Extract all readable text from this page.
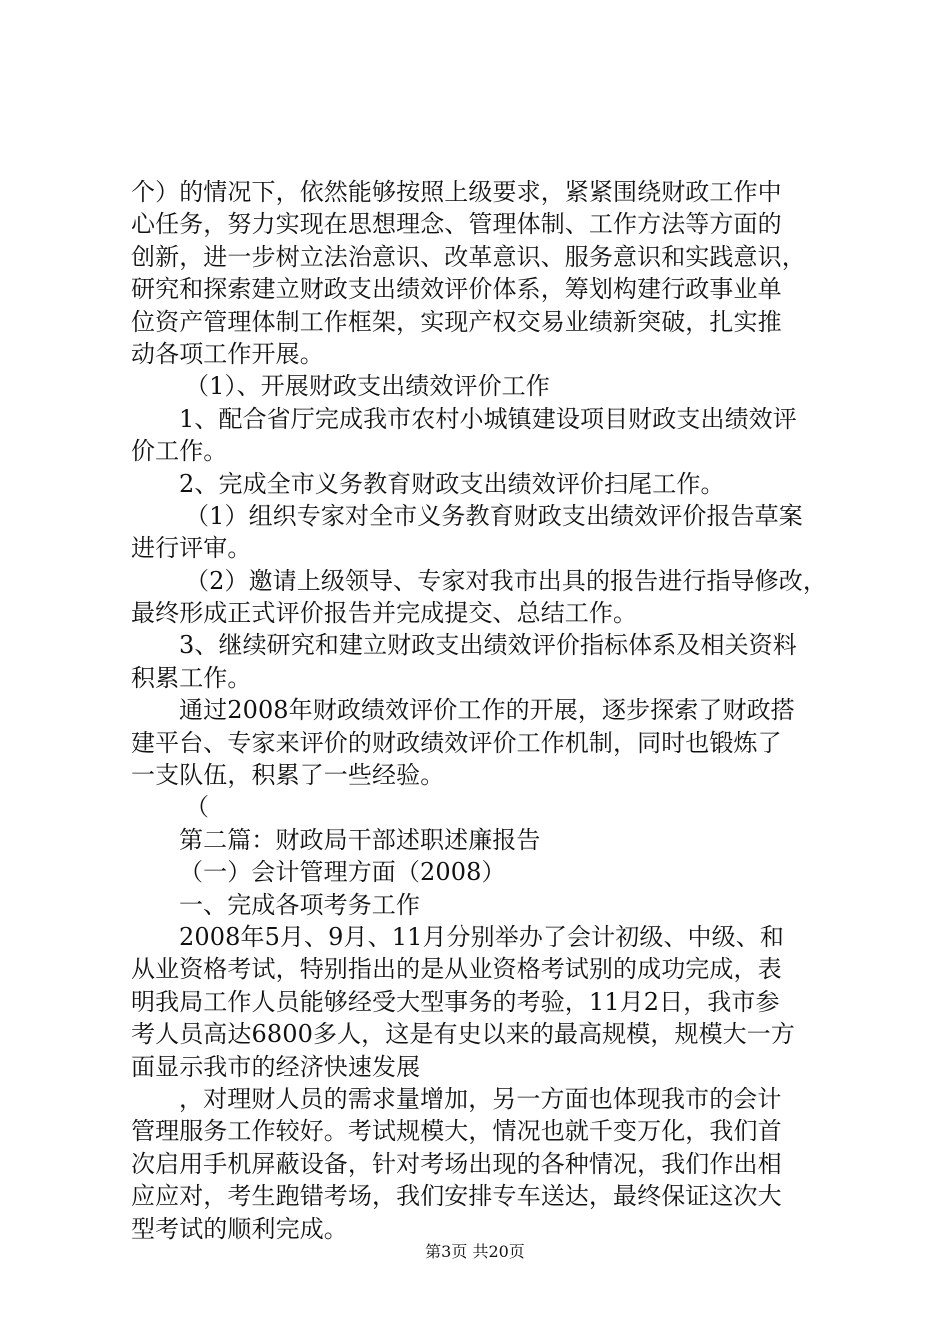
个）的情况下，依然能够按照上级要求，紧紧围绕财政工作中
心任务，努力实现在思想理念、管理体制、工作方法等方面的
创新，进一步树立法治意识、改革意识、服务意识和实践意识，
研究和探索建立财政支出绩效评价体系，筹划构建行政事业单
位资产管理体制工作框架，实现产权交易业绩新突破，扎实推
动各项工作开展。
（1）、开展财政支出绩效评价工作
1、配合省厅完成我市农村小城镇建设项目财政支出绩效评
价工作。
2、完成全市义务教育财政支出绩效评价扫尾工作。
（1）组织专家对全市义务教育财政支出绩效评价报告草案
进行评审。
（2）邀请上级领导、专家对我市出具的报告进行指导修改，
最终形成正式评价报告并完成提交、总结工作。
3、继续研究和建立财政支出绩效评价指标体系及相关资料
积累工作。
通过2008年财政绩效评价工作的开展，逐步探索了财政搭
建平台、专家来评价的财政绩效评价工作机制，同时也锻炼了
一支队伍，积累了一些经验。
（
第二篇：财政局干部述职述廉报告
（一）会计管理方面（2008）
一、完成各项考务工作
2008年5月、9月、11月分别举办了会计初级、中级、和
从业资格考试，特别指出的是从业资格考试别的成功完成，表
明我局工作人员能够经受大型事务的考验，11月2日，我市参
考人员高达6800多人，这是有史以来的最高规模，规模大一方
面显示我市的经济快速发展
，对理财人员的需求量增加，另一方面也体现我市的会计
管理服务工作较好。考试规模大，情况也就千变万化，我们首
次启用手机屏蔽设备，针对考场出现的各种情况，我们作出相
应应对，考生跑错考场，我们安排专车送达，最终保证这次大
型考试的顺利完成。
第3页 共20页
